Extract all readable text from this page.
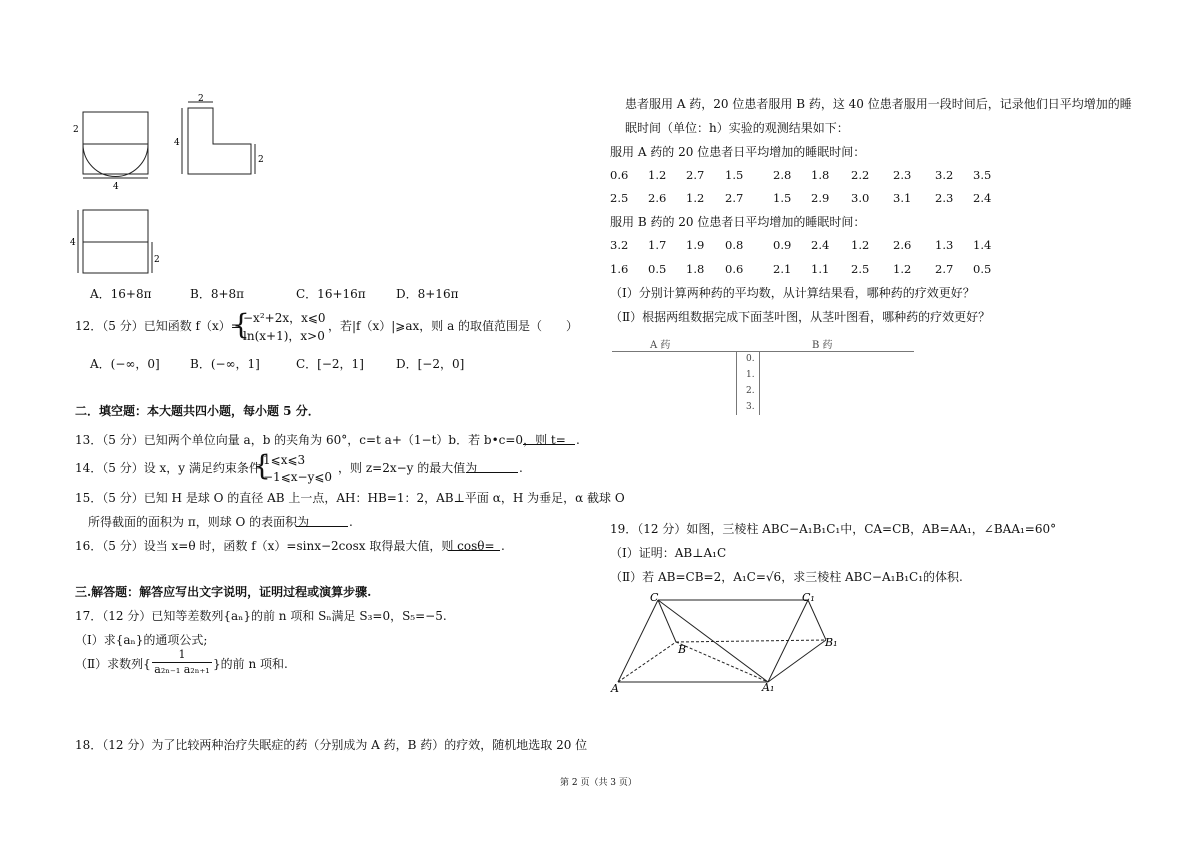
2
4
2
4
2
4
2
A．16+8π	B．8+8π	C．16+16π	D．8+16π
12．（5 分）已知函数 f（x）=
{
−x²+2x，x⩽0
ln(x+1)，x>0
，若|f（x）|⩾ax，则 a 的取值范围是（　　）
A．(−∞，0]	B．(−∞，1]	C．[−2，1]	D．[−2，0]
二．填空题：本大题共四小题，每小题 5 分．
13．（5 分）已知两个单位向量 a，b 的夹角为 60°，c=t a+（1−t）b．若 b•c=0，则 t= .
14．（5 分）设 x，y 满足约束条件
{
1⩽x⩽3
−1⩽x−y⩽0
，则 z=2x−y 的最大值为	.
15．（5 分）已知 H 是球 O 的直径 AB 上一点，AH：HB=1：2，AB⊥平面 α，H 为垂足，α 截球 O
所得截面的面积为 π，则球 O 的表面积为	.
16．（5 分）设当 x=θ 时，函数 f（x）=sinx−2cosx 取得最大值，则 cosθ= .
三.解答题：解答应写出文字说明，证明过程或演算步骤.
17．（12 分）已知等差数列{aₙ}的前 n 项和 Sₙ满足 S₃=0，S₅=−5.
（Ⅰ）求{aₙ}的通项公式;
（Ⅱ）求数列{ $\frac{1}{\text{a₂ₙ₋₁ a₂ₙ₊₁}}$ }的前 n 项和.
18．（12 分）为了比较两种治疗失眠症的药（分别成为 A 药，B 药）的疗效，随机地选取 20 位
患者服用 A 药，20 位患者服用 B 药，这 40 位患者服用一段时间后，记录他们日平均增加的睡
眠时间（单位：h）实验的观测结果如下：
服用 A 药的 20 位患者日平均增加的睡眠时间：
0.6	1.2	2.7	1.5	2.8	1.8	2.2	2.3	3.2	3.5
2.5	2.6	1.2	2.7	1.5	2.9	3.0	3.1	2.3	2.4
服用 B 药的 20 位患者日平均增加的睡眠时间：
3.2	1.7	1.9	0.8	0.9	2.4	1.2	2.6	1.3	1.4
1.6	0.5	1.8	0.6	2.1	1.1	2.5	1.2	2.7	0.5
（Ⅰ）分别计算两种药的平均数，从计算结果看，哪种药的疗效更好？
（Ⅱ）根据两组数据完成下面茎叶图，从茎叶图看，哪种药的疗效更好？
A 药	B 药
0.
1.
2.
3.
19．（12 分）如图，三棱柱 ABC−A₁B₁C₁中，CA=CB，AB=AA₁，∠BAA₁=60°
（Ⅰ）证明：AB⊥A₁C
（Ⅱ）若 AB=CB=2，A₁C=√6，求三棱柱 ABC−A₁B₁C₁的体积.
C	C₁
B
B₁
A	A₁
第 2 页（共 3 页）
